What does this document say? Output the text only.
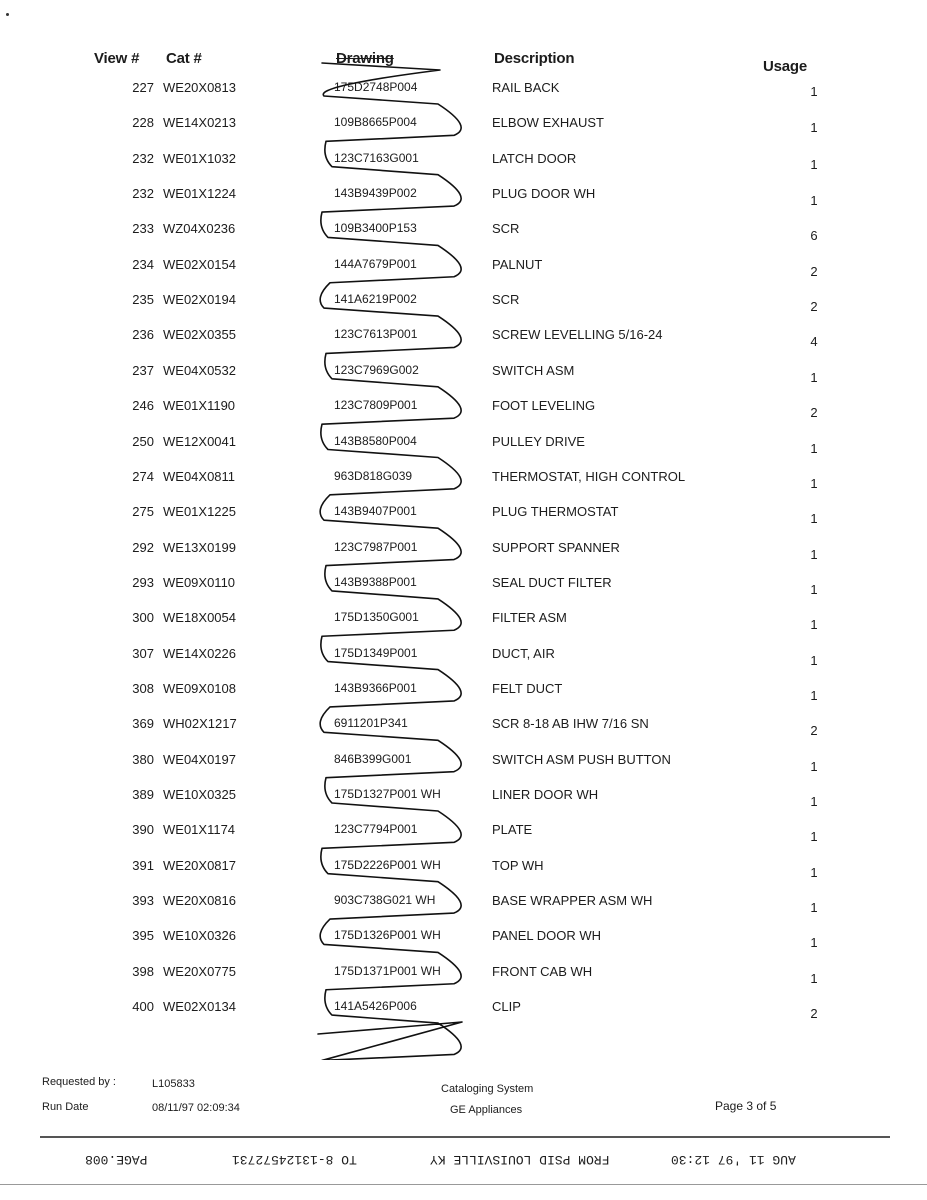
View # Cat #	Drawing	Description	Usage
227 WE20X0813	175D2748P004	RAIL BACK	1
228 WE14X0213	109B8665P004	ELBOW EXHAUST	1
232 WE01X1032	123C7163G001	LATCH DOOR	1
232 WE01X1224	143B9439P002	PLUG DOOR WH	1
233 WZ04X0236	109B3400P153	SCR	6
234 WE02X0154	144A7679P001	PALNUT	2
235 WE02X0194	141A6219P002	SCR	2
236 WE02X0355	123C7613P001	SCREW LEVELLING 5/16-24	4
237 WE04X0532	123C7969G002	SWITCH ASM	1
246 WE01X1190	123C7809P001	FOOT LEVELING	2
250 WE12X0041	143B8580P004	PULLEY DRIVE	1
274 WE04X0811	963D818G039	THERMOSTAT, HIGH CONTROL	1
275 WE01X1225	143B9407P001	PLUG THERMOSTAT	1
292 WE13X0199	123C7987P001	SUPPORT SPANNER	1
293 WE09X0110	143B9388P001	SEAL DUCT FILTER	1
300 WE18X0054	175D1350G001	FILTER ASM	1
307 WE14X0226	175D1349P001	DUCT, AIR	1
308 WE09X0108	143B9366P001	FELT DUCT	1
369 WH02X1217	6911201P341	SCR 8-18 AB IHW 7/16 SN	2
380 WE04X0197	846B399G001	SWITCH ASM PUSH BUTTON	1
389 WE10X0325	175D1327P001 WH	LINER DOOR WH	1
390 WE01X1174	123C7794P001	PLATE	1
391 WE20X0817	175D2226P001 WH	TOP WH	1
393 WE20X0816	903C738G021 WH	BASE WRAPPER ASM WH	1
395 WE10X0326	175D1326P001 WH	PANEL DOOR WH	1
398 WE20X0775	175D1371P001 WH	FRONT CAB WH	1
400 WE02X0134	141A5426P006	CLIP	2
Requested by :	L105833
Run Date	08/11/97 02:09:34
Cataloging System
GE Appliances	Page 3 of 5
PAGE.008	TO 8-13124572731	FROM PSID LOUISVILLE KY	AUG 11 '97 12:30
